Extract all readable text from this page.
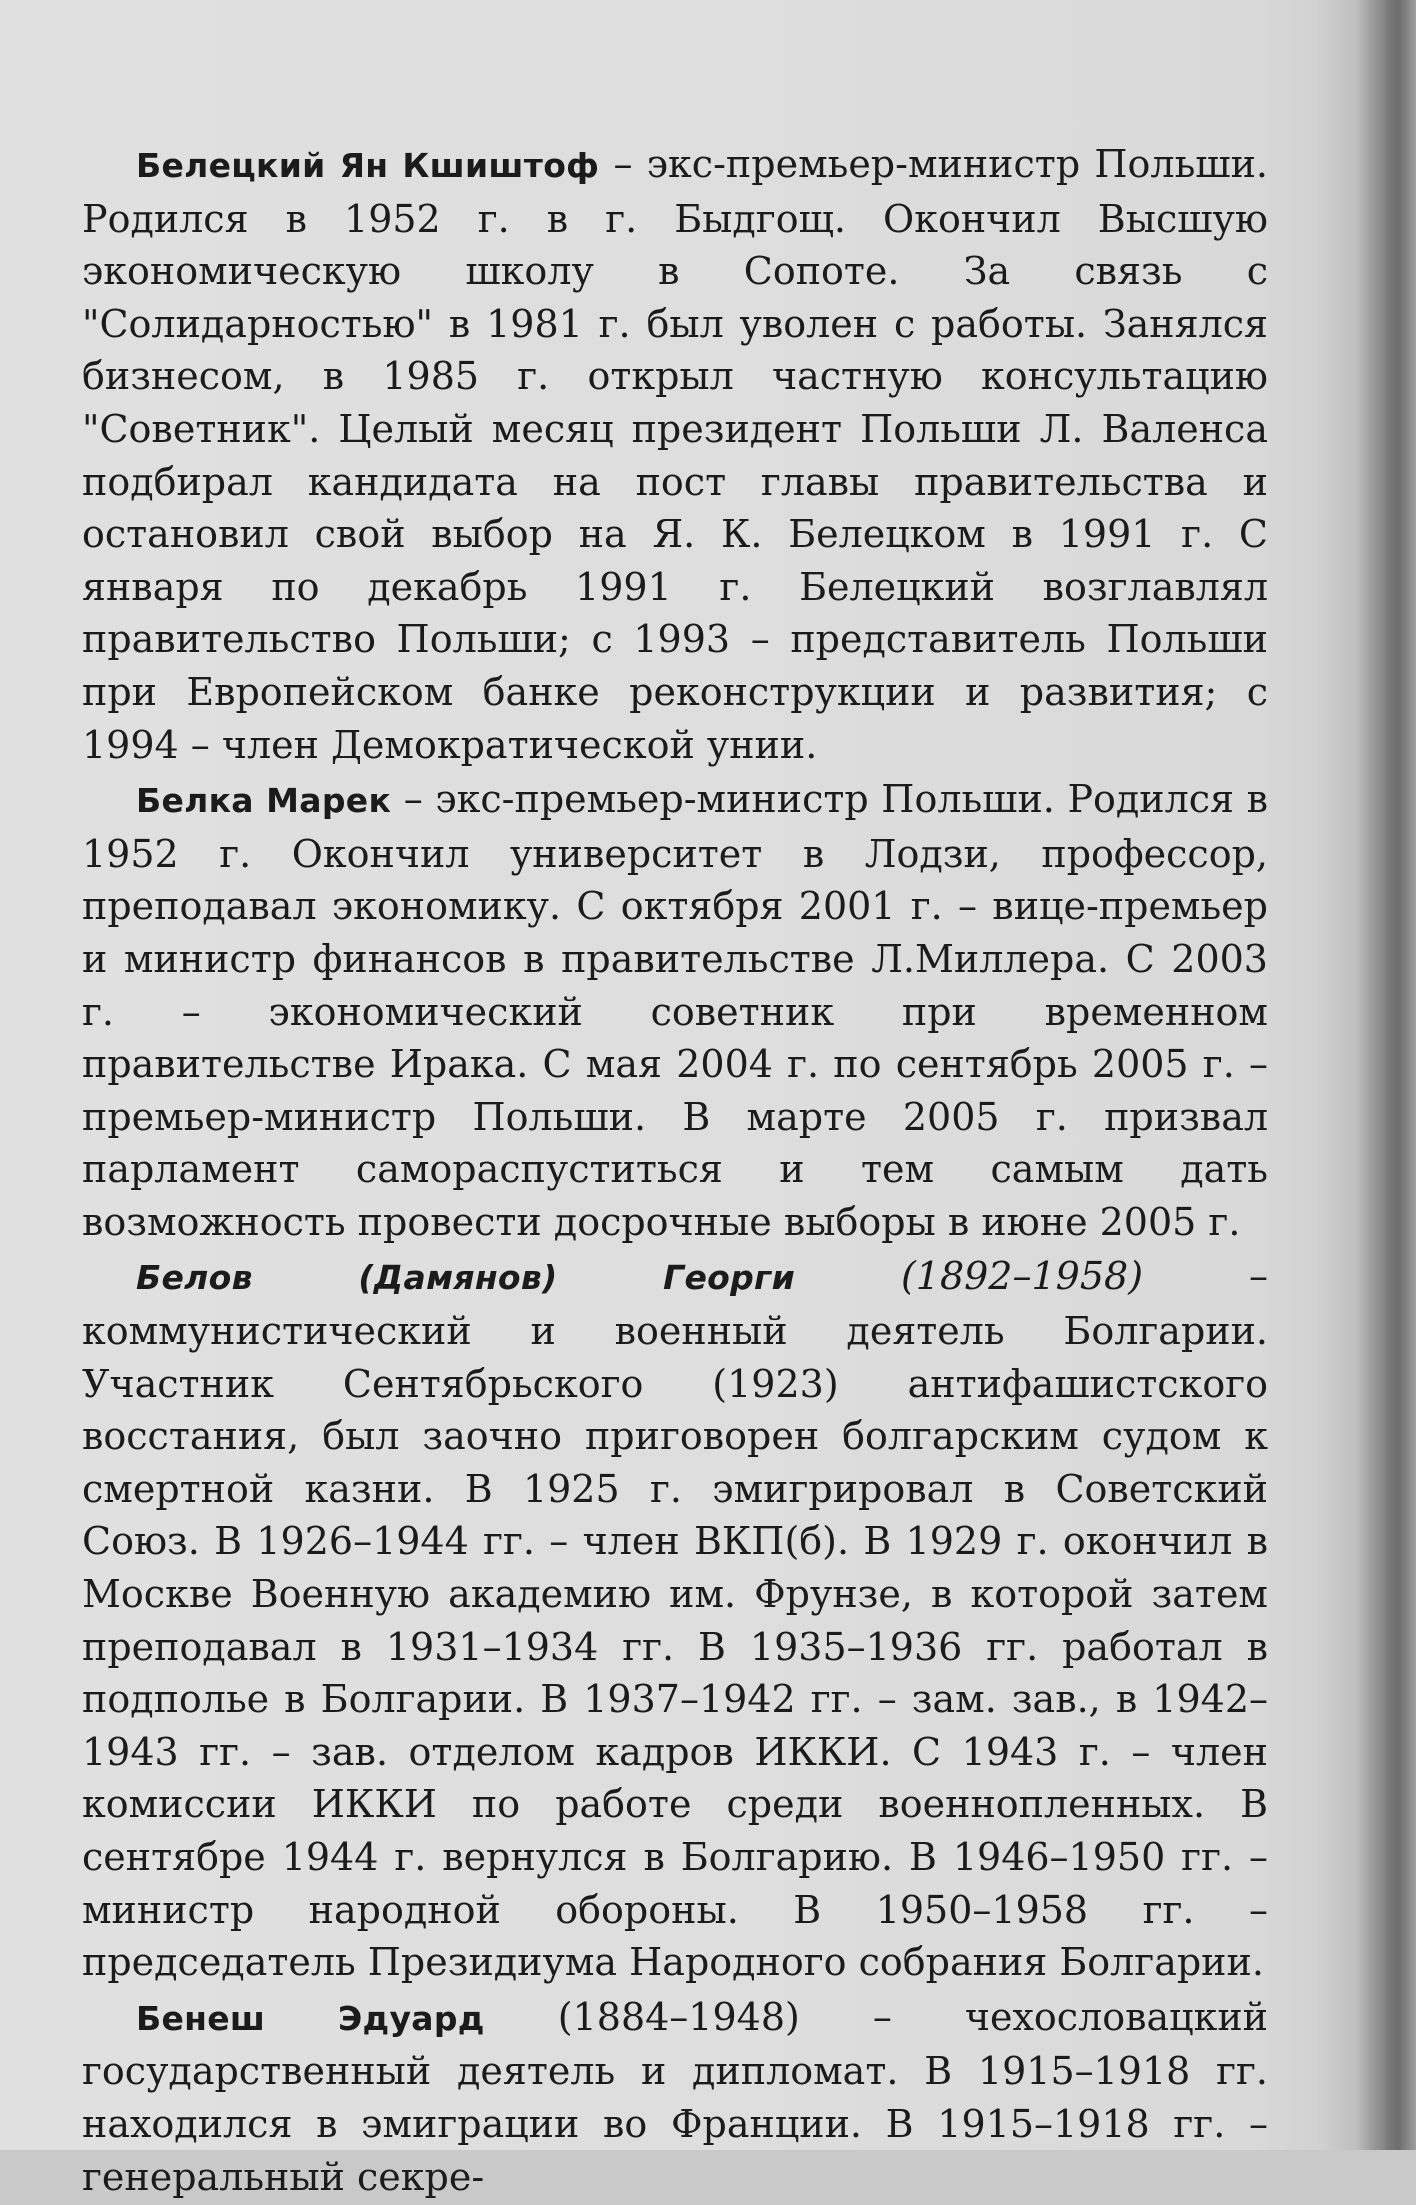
Белецкий Ян Кшиштоф – экс-премьер-министр Польши. Родился в 1952 г. в г. Быдгощ. Окончил Высшую экономическую школу в Сопоте. За связь с "Солидарностью" в 1981 г. был уволен с работы. Занялся бизнесом, в 1985 г. открыл частную консультацию "Советник". Целый месяц президент Польши Л. Валенса подбирал кандидата на пост главы правительства и остановил свой выбор на Я. К. Белецком в 1991 г. С января по декабрь 1991 г. Белецкий возглавлял правительство Польши; с 1993 – представитель Польши при Европейском банке реконструкции и развития; с 1994 – член Демократической унии.

Белка Марек – экс-премьер-министр Польши. Родился в 1952 г. Окончил университет в Лодзи, профессор, преподавал экономику. С октября 2001 г. – вице-премьер и министр финансов в правительстве Л.Миллера. С 2003 г. – экономический советник при временном правительстве Ирака. С мая 2004 г. по сентябрь 2005 г. – премьер-министр Польши. В марте 2005 г. призвал парламент самораспуститься и тем самым дать возможность провести досрочные выборы в июне 2005 г.

Белов (Дамянов) Георги (1892–1958) – коммунистический и военный деятель Болгарии. Участник Сентябрьского (1923) антифашистского восстания, был заочно приговорен болгарским судом к смертной казни. В 1925 г. эмигрировал в Советский Союз. В 1926–1944 гг. – член ВКП(б). В 1929 г. окончил в Москве Военную академию им. Фрунзе, в которой затем преподавал в 1931–1934 гг. В 1935–1936 гг. работал в подполье в Болгарии. В 1937–1942 гг. – зам. зав., в 1942–1943 гг. – зав. отделом кадров ИККИ. С 1943 г. – член комиссии ИККИ по работе среди военнопленных. В сентябре 1944 г. вернулся в Болгарию. В 1946–1950 гг. – министр народной обороны. В 1950–1958 гг. – председатель Президиума Народного собрания Болгарии.

Бенеш Эдуард (1884–1948) – чехословацкий государственный деятель и дипломат. В 1915–1918 гг. находился в эмиграции во Франции. В 1915–1918 гг. – генеральный секре-
